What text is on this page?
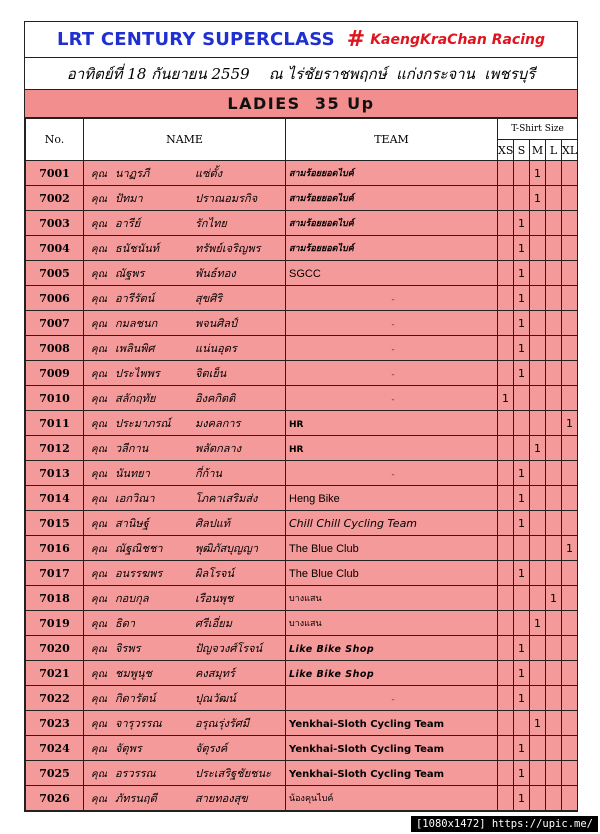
LRT CENTURY SUPERCLASS # KaengKraChan Racing
อาทิตย์ที่ 18 กันยายน 2559    ณ ไร่ชัยราชพฤกษ์  แก่งกระจาน  เพชรบุรี
LADIES  35 Up
No.	NAME	TEAM	T-Shirt Size				
			XS	S	M	L	XL
7001	คุณ นาฏรภี แซ่ตั้ง	สามร้อยยอดไบค์			1		
7002	คุณ ปัทมา ปราณอมรกิจ	สามร้อยยอดไบค์			1		
7003	คุณ อารีย์ รักไทย	สามร้อยยอดไบค์		1			
7004	คุณ ธนัชนันท์ ทรัพย์เจริญพร	สามร้อยยอดไบค์		1			
7005	คุณ ณัฐพร พันธ์ทอง	SGCC		1			
7006	คุณ อารีรัตน์ สุขศิริ	-		1			
7007	คุณ กมลชนก พจนศิลป์	-		1			
7008	คุณ เพลินพิศ แน่นอุดร	-		1			
7009	คุณ ประไพพร จิตเย็น	-		1			
7010	คุณ สลักฤทัย อิงคกิตติ	-	1				
7011	คุณ ประมาภรณ์ มงคลการ	HR					1
7012	คุณ วลีกาน พลัดกลาง	HR			1		
7013	คุณ นันทยา กี่ก้าน	-		1			
7014	คุณ เอกวิณา โภคาเสริมส่ง	Heng Bike		1			
7015	คุณ สานิษฐ์ ศิลปแท้	Chill Chill Cycling Team		1			
7016	คุณ ณัฐณิชชา พุฒิภัสบุญญา	The Blue Club					1
7017	คุณ อนรรฆพร ผิลโรจน์	The Blue Club		1			
7018	คุณ กอบกุล เรือนพุช	บางแสน				1	
7019	คุณ ธิดา ศรีเอี่ยม	บางแสน			1		
7020	คุณ จิรพร ปัญจวงศ์โรจน์	Like Bike Shop		1			
7021	คุณ ชมพูนุช คงสมุทร์	Like Bike Shop		1			
7022	คุณ กิดารัตน์ ปุณวัฒน์	-		1			
7023	คุณ จารุวรรณ อรุณรุ่งรัศมี	Yenkhai-Sloth Cycling Team			1		
7024	คุณ จัตุพร จัตุรงค์	Yenkhai-Sloth Cycling Team		1			
7025	คุณ อรวรรณ ประเสริฐชัยชนะ	Yenkhai-Sloth Cycling Team		1			
7026	คุณ ภัทรนฤดี สายทองสุข	น้องคุนไบค์		1			
[1080x1472] https://upic.me/
